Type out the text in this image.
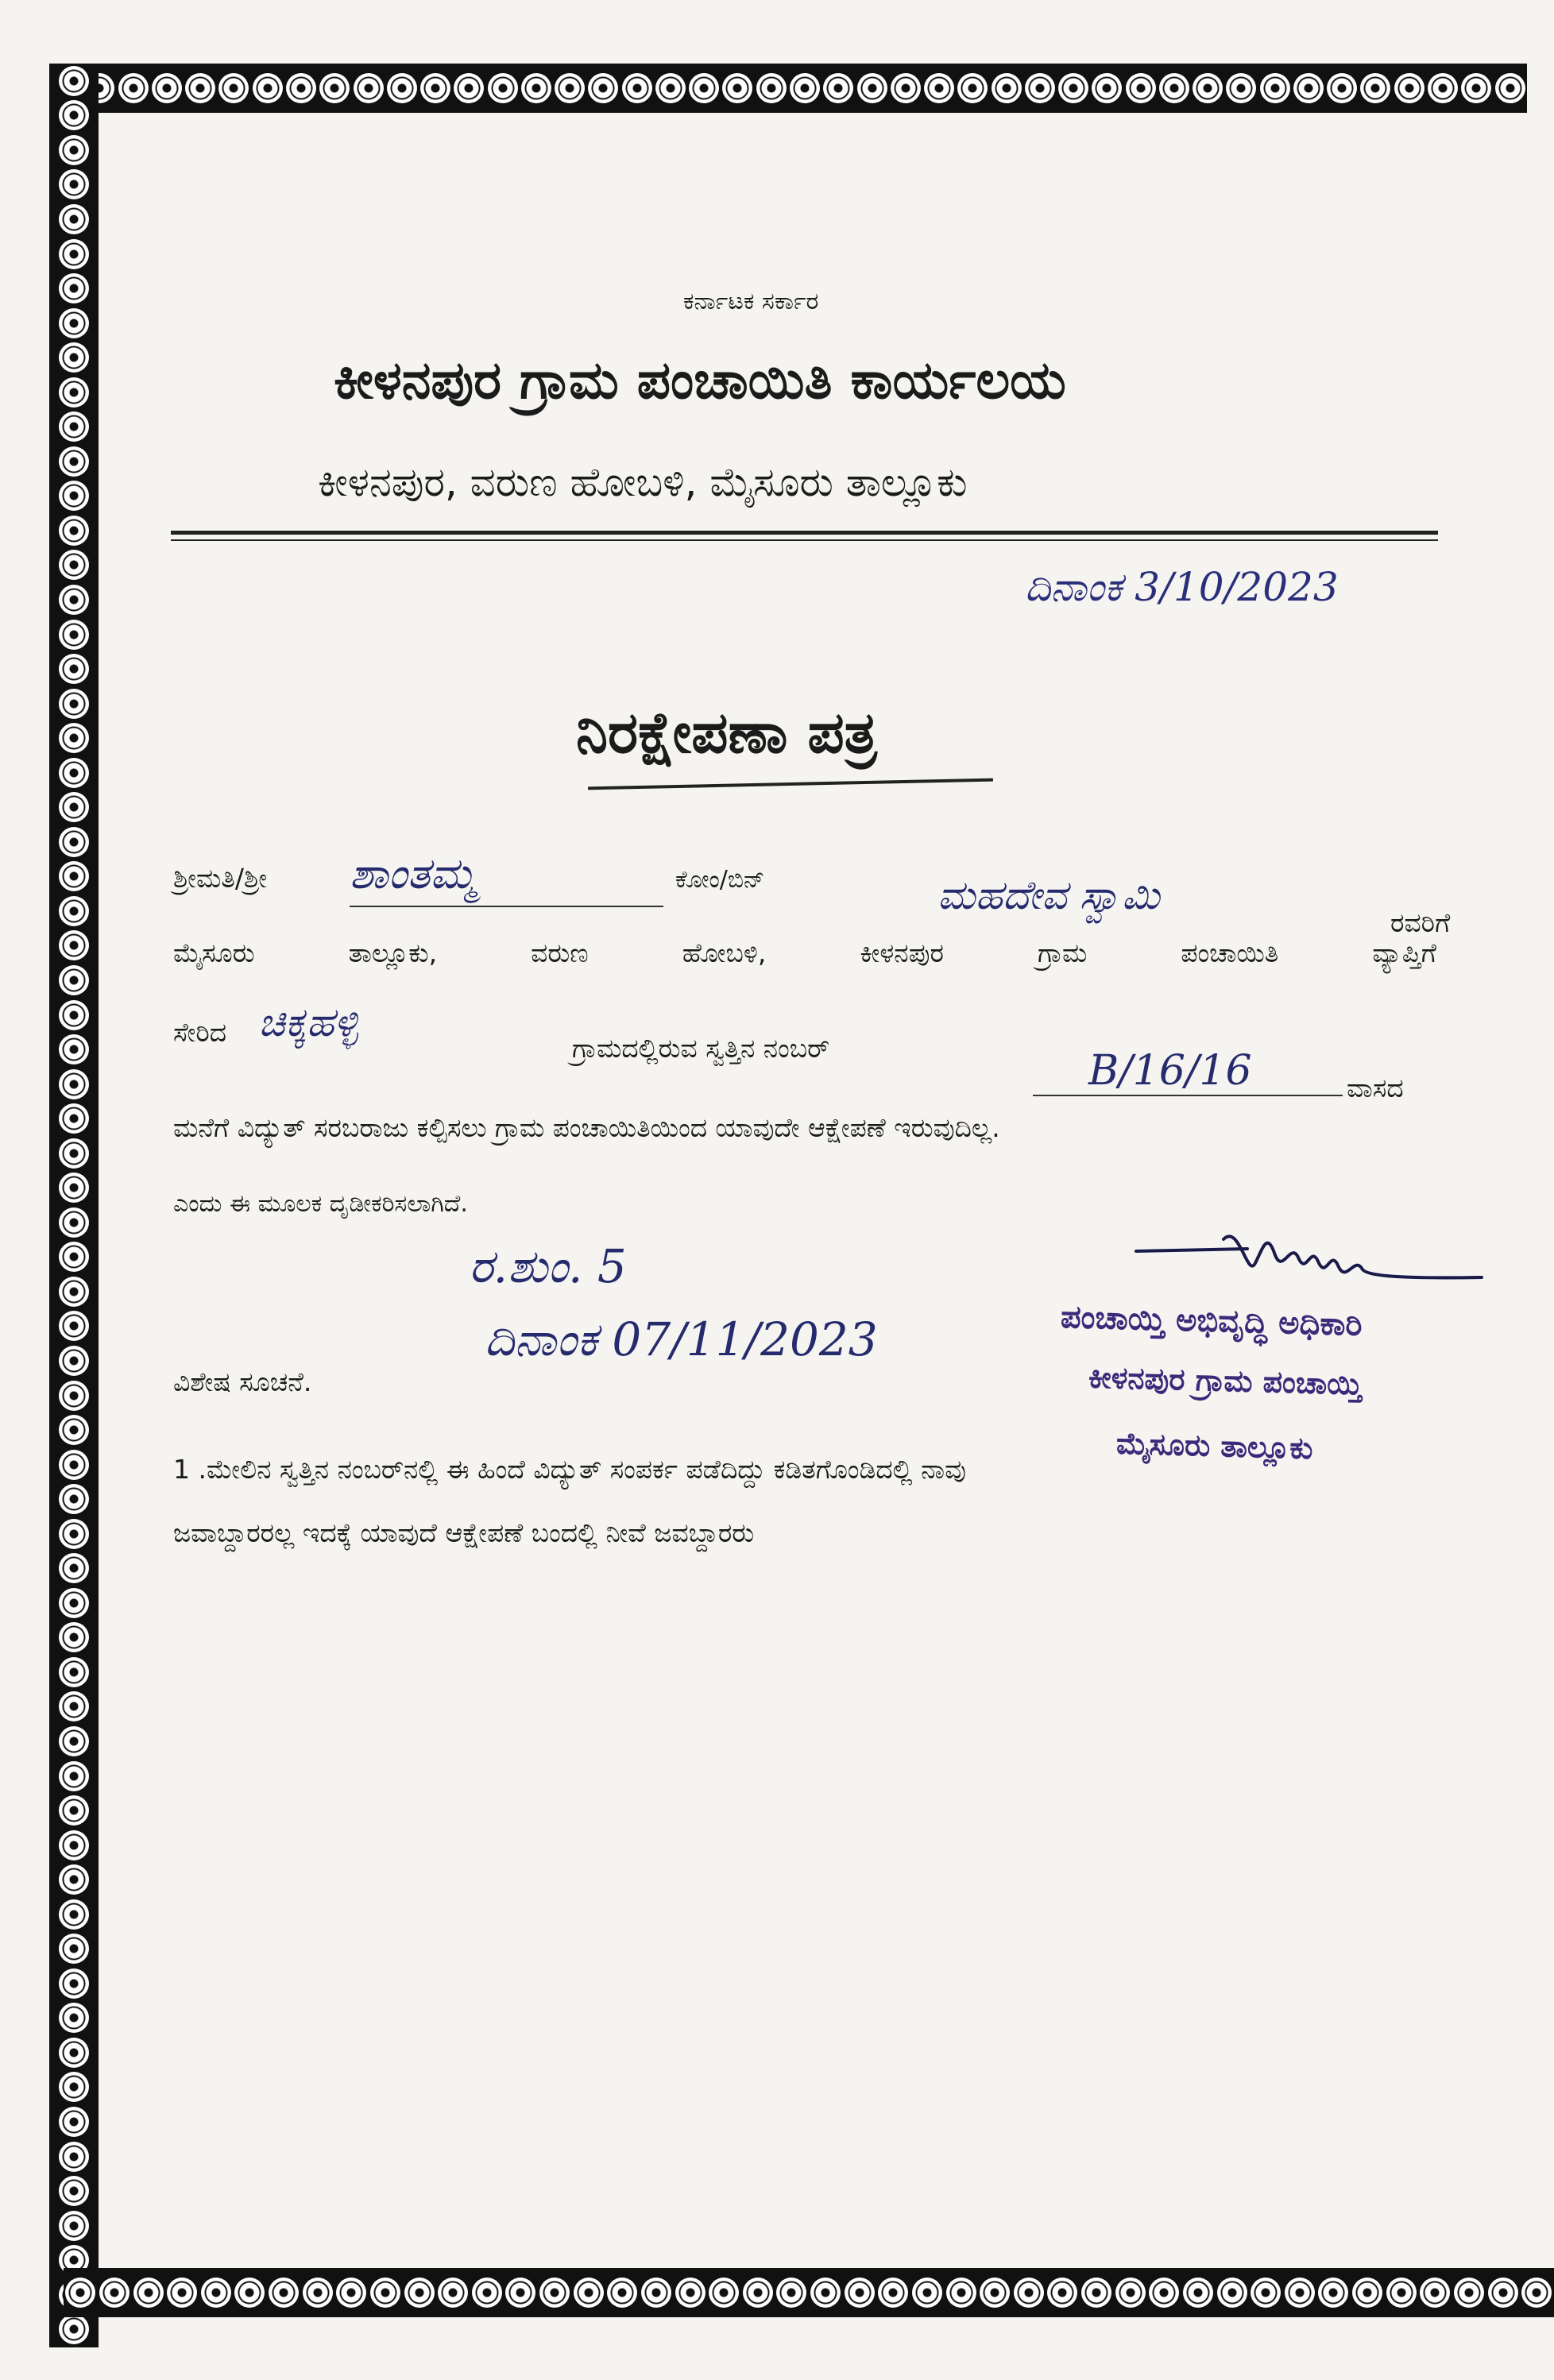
ಕರ್ನಾಟಕ ಸರ್ಕಾರ
ಕೀಳನಪುರ ಗ್ರಾಮ ಪಂಚಾಯಿತಿ ಕಾರ್ಯಲಯ
ಕೀಳನಪುರ, ವರುಣ ಹೋಬಳಿ, ಮೈಸೂರು ತಾಲ್ಲೂಕು
ದಿನಾಂಕ 3/10/2023
ನಿರಕ್ಷೇಪಣಾ ಪತ್ರ
ಶ್ರೀಮತಿ/ಶ್ರೀ ಶಾಂತಮ್ಮ	ಕೋಂ/ಬಿನ್	ಮಹದೇವ ಸ್ವಾಮಿ
ರವರಿಗೆ
ಮೈಸೂರು	ತಾಲ್ಲೂಕು,	ವರುಣ	ಹೋಬಳಿ,	ಕೀಳನಪುರ	ಗ್ರಾಮ	ಪಂಚಾಯಿತಿ	ವ್ಯಾಪ್ತಿಗೆ
ಸೇರಿದ ಚಿಕ್ಕಹಳ್ಳಿ
ಗ್ರಾಮದಲ್ಲಿರುವ ಸ್ವತ್ತಿನ ನಂಬರ್	B/16/16	ವಾಸದ
ಮನೆಗೆ ವಿದ್ಯುತ್ ಸರಬರಾಜು ಕಲ್ಪಿಸಲು ಗ್ರಾಮ ಪಂಚಾಯಿತಿಯಿಂದ ಯಾವುದೇ ಆಕ್ಷೇಪಣೆ ಇರುವುದಿಲ್ಲ.
ಎಂದು ಈ ಮೂಲಕ ದೃಡೀಕರಿಸಲಾಗಿದೆ.
ರ.ಶುಂ. 5
ದಿನಾಂಕ 07/11/2023	ಪಂಚಾಯ್ತಿ ಅಭಿವೃದ್ಧಿ ಅಧಿಕಾರಿ
ಕೀಳನಪುರ ಗ್ರಾಮ ಪಂಚಾಯ್ತಿ
ಮೈಸೂರು ತಾಲ್ಲೂಕು
ವಿಶೇಷ ಸೂಚನೆ.
1 .ಮೇಲಿನ ಸ್ವತ್ತಿನ ನಂಬರ್‌ನಲ್ಲಿ ಈ ಹಿಂದೆ ವಿದ್ಯುತ್ ಸಂಪರ್ಕ ಪಡೆದಿದ್ದು ಕಡಿತಗೊಂಡಿದಲ್ಲಿ ನಾವು
ಜವಾಬ್ದಾರರಲ್ಲ ಇದಕ್ಕೆ ಯಾವುದೆ ಆಕ್ಷೇಪಣೆ ಬಂದಲ್ಲಿ ನೀವೆ ಜವಬ್ದಾರರು
